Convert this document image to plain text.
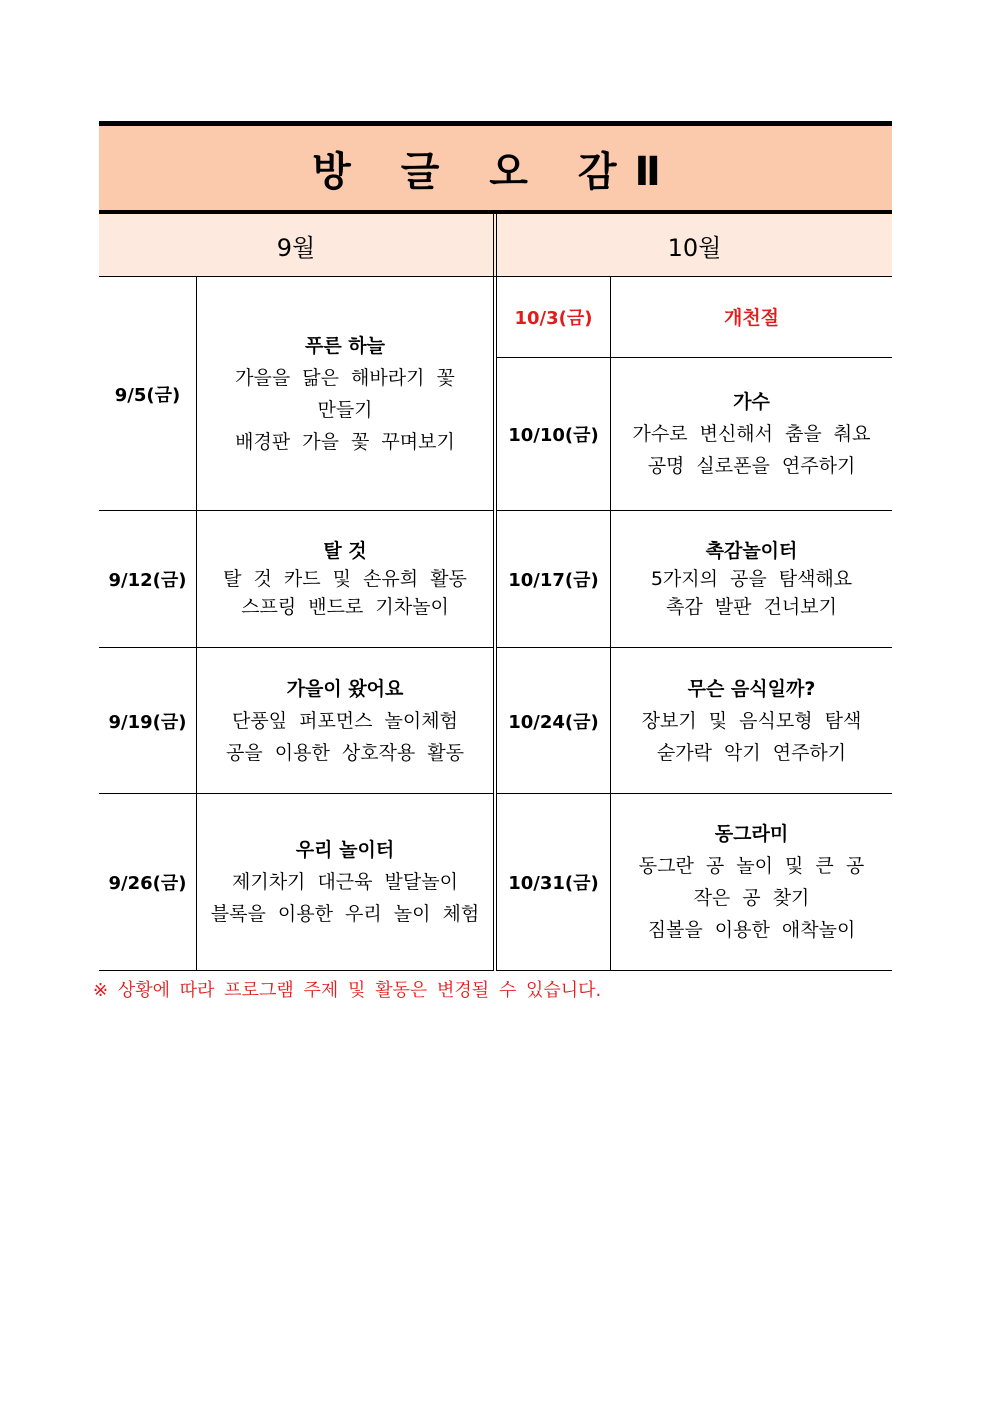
방 글 오 감Ⅱ
9월	10월
9/5(금)
푸른 하늘
가을을 닮은 해바라기 꽃
만들기
배경판 가을 꽃 꾸며보기
9/12(금)
탈 것
탈 것 카드 및 손유희 활동
스프링 밴드로 기차놀이
9/19(금)
가을이 왔어요
단풍잎 퍼포먼스 놀이체험
공을 이용한 상호작용 활동
9/26(금)
우리 놀이터
제기차기 대근육 발달놀이
블록을 이용한 우리 놀이 체험
10/3(금)	개천절
10/10(금)
가수
가수로 변신해서 춤을 춰요
공명 실로폰을 연주하기
10/17(금)
촉감놀이터
5가지의 공을 탐색해요
촉감 발판 건너보기
10/24(금)
무슨 음식일까?
장보기 및 음식모형 탐색
숟가락 악기 연주하기
10/31(금)
동그라미
동그란 공 놀이 및 큰 공
작은 공 찾기
짐볼을 이용한 애착놀이
※ 상황에 따라 프로그램 주제 및 활동은 변경될 수 있습니다.
